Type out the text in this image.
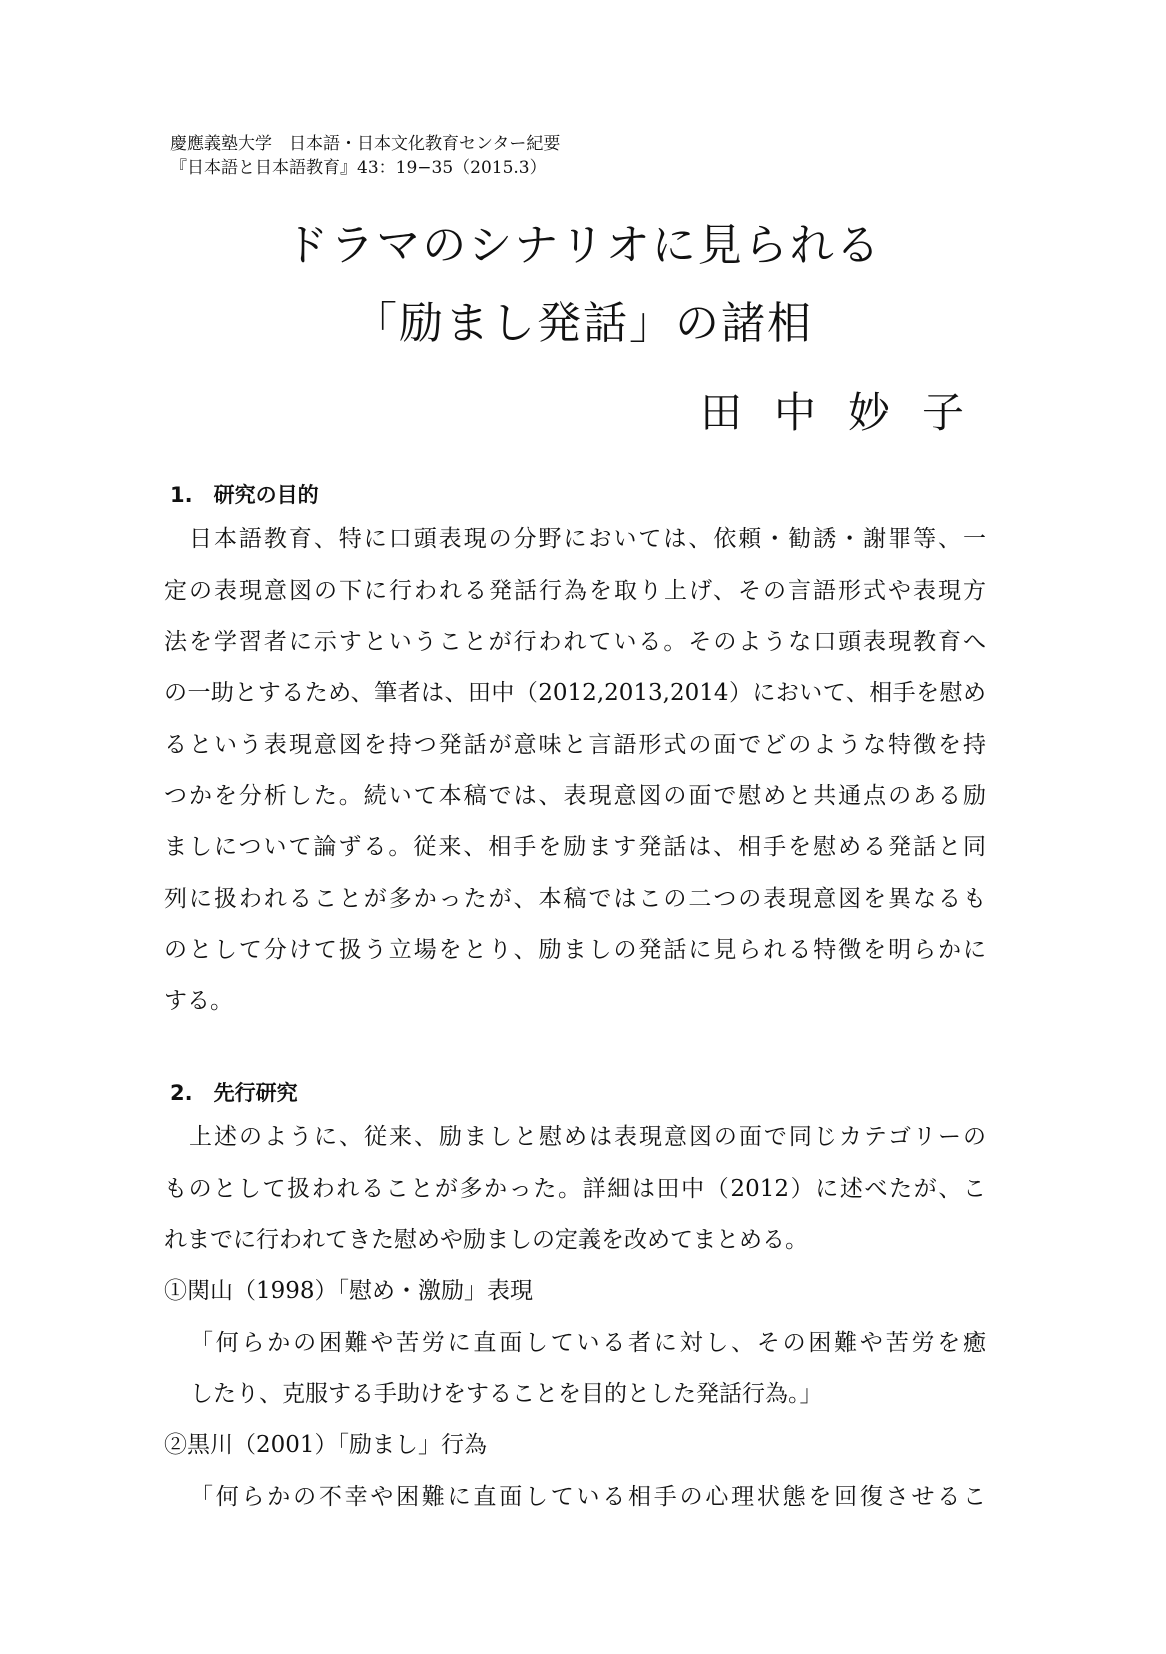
慶應義塾大学　日本語・日本文化教育センター紀要
『日本語と日本語教育』43：19−35（2015.3）
ドラマのシナリオに見られる
「励まし発話」の諸相
田中妙子
1.　研究の目的
　日本語教育、特に口頭表現の分野においては、依頼・勧誘・謝罪等、一
定の表現意図の下に行われる発話行為を取り上げ、その言語形式や表現方
法を学習者に示すということが行われている。そのような口頭表現教育へ
の一助とするため、筆者は、田中（2012,2013,2014）において、相手を慰め
るという表現意図を持つ発話が意味と言語形式の面でどのような特徴を持
つかを分析した。続いて本稿では、表現意図の面で慰めと共通点のある励
ましについて論ずる。従来、相手を励ます発話は、相手を慰める発話と同
列に扱われることが多かったが、本稿ではこの二つの表現意図を異なるも
のとして分けて扱う立場をとり、励ましの発話に見られる特徴を明らかに
する。
2.　先行研究
　上述のように、従来、励ましと慰めは表現意図の面で同じカテゴリーの
ものとして扱われることが多かった。詳細は田中（2012）に述べたが、こ
れまでに行われてきた慰めや励ましの定義を改めてまとめる。
①関山（1998）「慰め・激励」表現
「何らかの困難や苦労に直面している者に対し、その困難や苦労を癒
したり、克服する手助けをすることを目的とした発話行為。」
②黒川（2001）「励まし」行為
「何らかの不幸や困難に直面している相手の心理状態を回復させるこ
